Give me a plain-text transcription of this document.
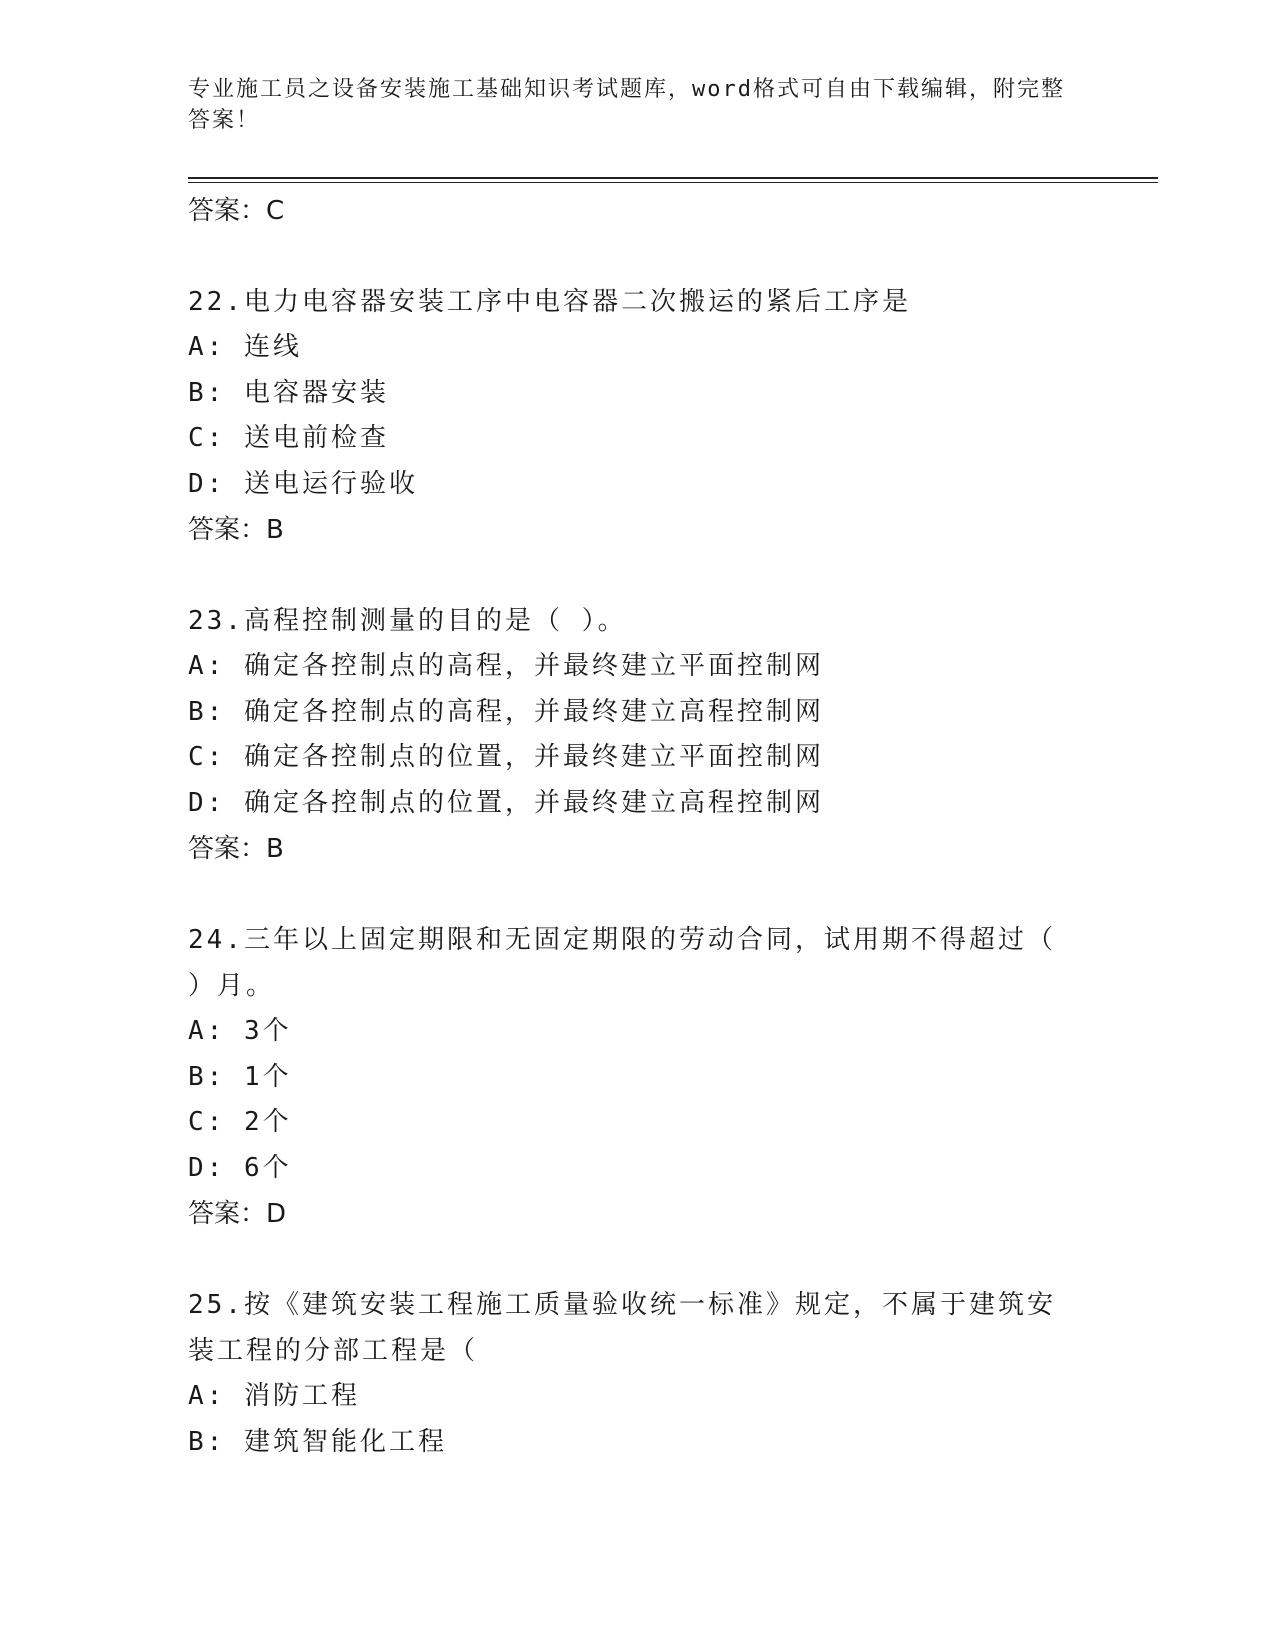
专业施工员之设备安装施工基础知识考试题库，word格式可自由下载编辑，附完整答案！
答案：C
22.电力电容器安装工序中电容器二次搬运的紧后工序是
A: 连线
B: 电容器安装
C: 送电前检查
D: 送电运行验收
答案：B
23.高程控制测量的目的是（ ）。
A: 确定各控制点的高程，并最终建立平面控制网
B: 确定各控制点的高程，并最终建立高程控制网
C: 确定各控制点的位置，并最终建立平面控制网
D: 确定各控制点的位置，并最终建立高程控制网
答案：B
24.三年以上固定期限和无固定期限的劳动合同，试用期不得超过（ ）月。
A: 3个
B: 1个
C: 2个
D: 6个
答案：D
25.按《建筑安装工程施工质量验收统一标准》规定，不属于建筑安装工程的分部工程是（
A: 消防工程
B: 建筑智能化工程
